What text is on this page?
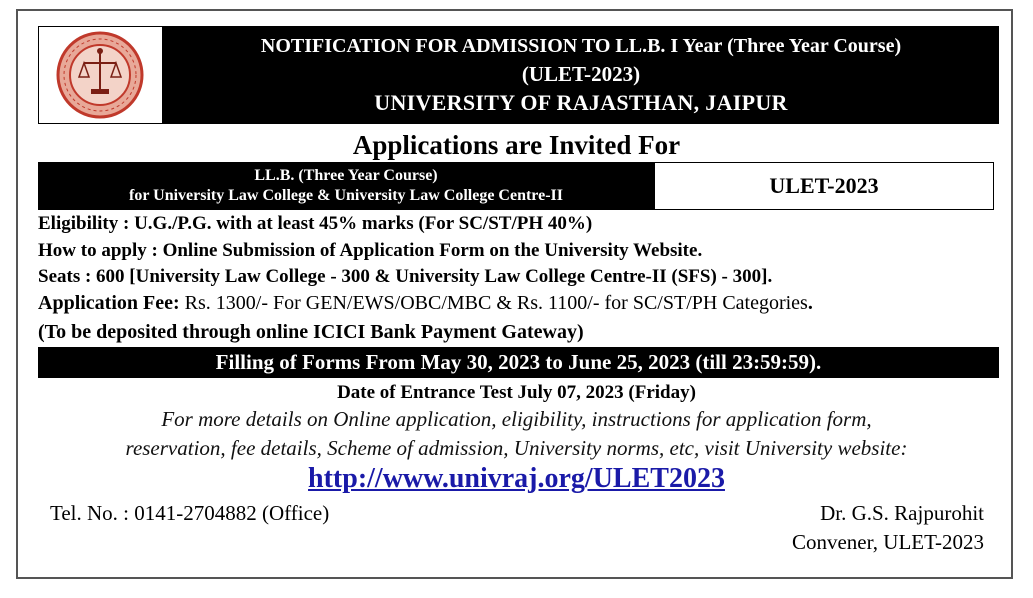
NOTIFICATION FOR ADMISSION TO LL.B. I Year (Three Year Course)
(ULET-2023)
UNIVERSITY OF RAJASTHAN, JAIPUR
Applications are Invited For
LL.B. (Three Year Course)
for University Law College & University Law College Centre-II	ULET-2023
Eligibility : U.G./P.G. with at least 45% marks (For SC/ST/PH 40%)
How to apply : Online Submission of Application Form on the University Website.
Seats : 600 [University Law College - 300 & University Law College Centre-II (SFS) - 300].
Application Fee: Rs. 1300/- For GEN/EWS/OBC/MBC & Rs. 1100/- for SC/ST/PH Categories.
(To be deposited through online ICICI Bank Payment Gateway)
Filling of Forms From May 30, 2023 to June 25, 2023 (till 23:59:59).
Date of Entrance Test July 07, 2023 (Friday)
For more details on Online application, eligibility, instructions for application form,
reservation, fee details, Scheme of admission, University norms, etc, visit University website:
http://www.univraj.org/ULET2023
Tel. No. : 0141-2704882 (Office)	Dr. G.S. Rajpurohit
Convener, ULET-2023
